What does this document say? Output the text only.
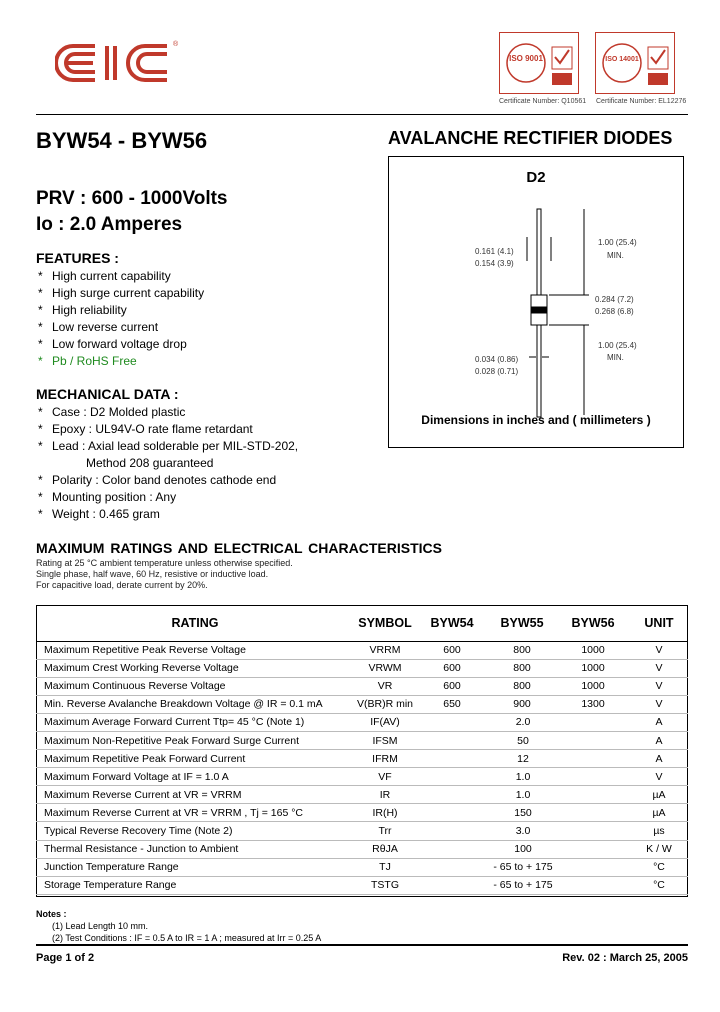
®
ISO 9001	ISO 14001
Certificate Number: Q10561 Certificate Number: EL12276
BYW54 - BYW56	AVALANCHE RECTIFIER DIODES
PRV : 600 - 1000Volts
Io : 2.0 Amperes
FEATURES :
* High current capability
* High surge current capability
* High reliability
* Low reverse current
* Low forward voltage drop
* Pb / RoHS Free
MECHANICAL DATA :
* Case : D2 Molded plastic
* Epoxy : UL94V-O rate flame retardant
* Lead : Axial lead solderable per MIL-STD-202,
Method 208 guaranteed
* Polarity : Color band denotes cathode end
* Mounting position : Any
* Weight : 0.465 gram
D2
1.00 (25.4)
MIN.
0.161 (4.1)
0.154 (3.9)
0.284 (7.2)
0.268 (6.8)
1.00 (25.4)
MIN.
0.034 (0.86)
0.028 (0.71)
Dimensions in inches and ( millimeters )
MAXIMUM RATINGS AND ELECTRICAL CHARACTERISTICS
Rating at 25 °C ambient temperature unless otherwise specified.
Single phase, half wave, 60 Hz, resistive or inductive load.
For capacitive load, derate current by 20%.
RATING	SYMBOL	BYW54	BYW55	BYW56	UNIT
Maximum Repetitive Peak Reverse Voltage	VRRM	600	800	1000	V
Maximum Crest Working Reverse Voltage	VRWM	600	800	1000	V
Maximum Continuous Reverse Voltage	VR	600	800	1000	V
Min. Reverse Avalanche Breakdown Voltage @ IR = 0.1 mA	V(BR)R min	650	900	1300	V
Maximum Average Forward Current Ttp= 45 °C (Note 1)	IF(AV)	2.0			A
Maximum Non-Repetitive Peak Forward Surge Current	IFSM	50			A
Maximum Repetitive Peak Forward Current	IFRM	12			A
Maximum Forward Voltage at IF = 1.0 A	VF	1.0			V
Maximum Reverse Current at VR = VRRM	IR	1.0			µA
Maximum Reverse Current at VR = VRRM , Tj = 165 °C	IR(H)	150			µA
Typical Reverse Recovery Time (Note 2)	Trr	3.0			µs
Thermal Resistance - Junction to Ambient	RθJA	100			K / W
Junction Temperature Range	TJ	- 65 to + 175			°C
Storage Temperature Range	TSTG	- 65 to + 175			°C
Notes :
(1) Lead Length 10 mm.
(2) Test Conditions : IF = 0.5 A to IR = 1 A ; measured at Irr = 0.25 A
Page 1 of 2	Rev. 02 : March 25, 2005
